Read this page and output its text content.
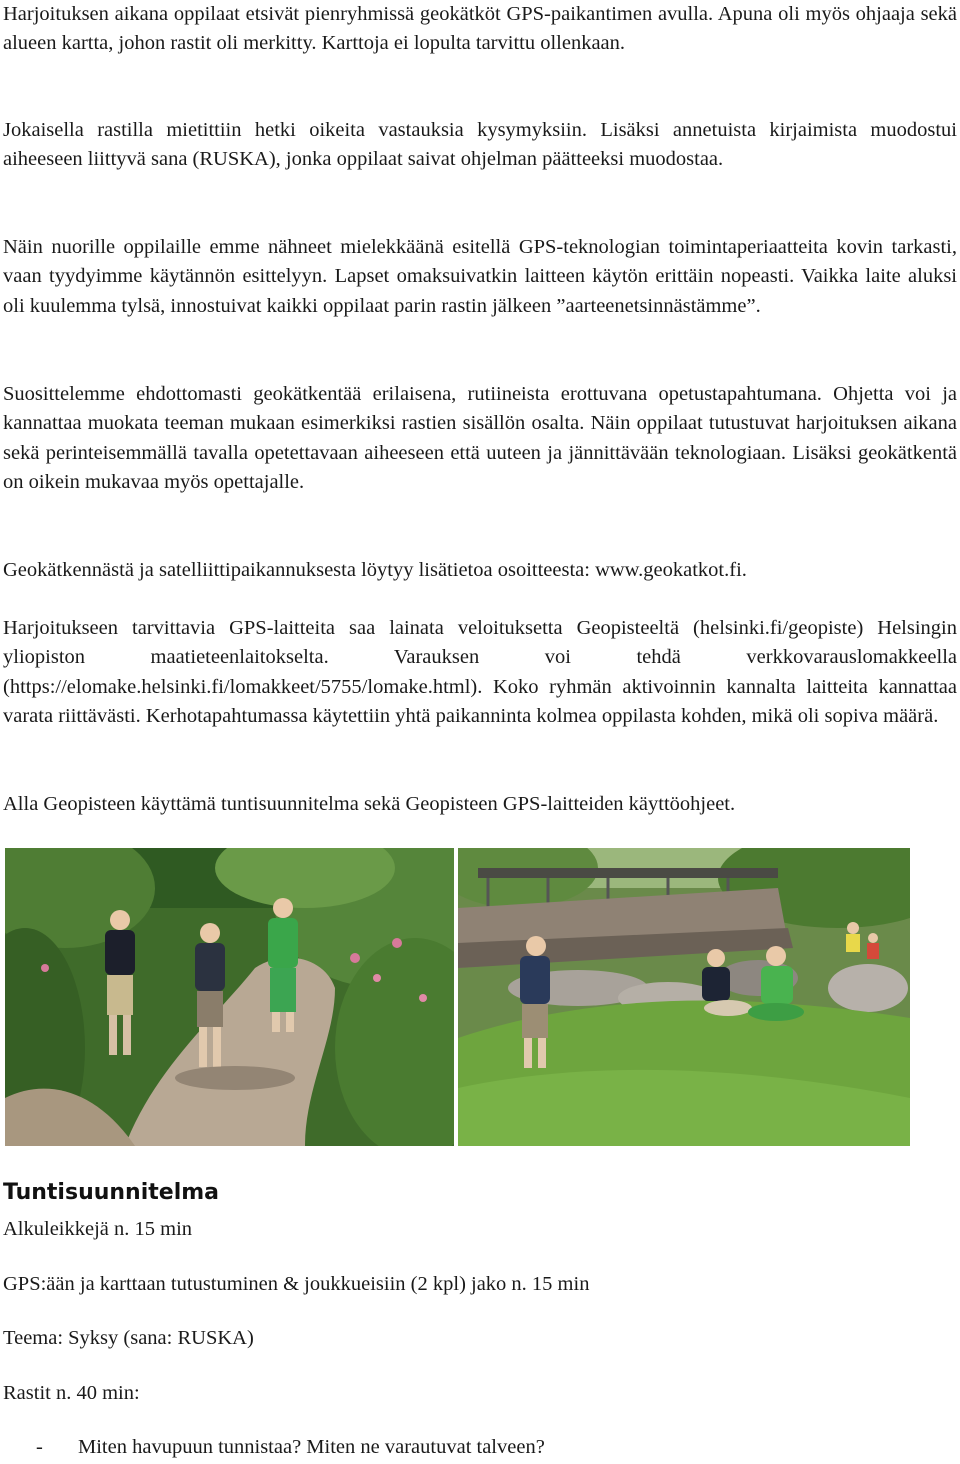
Harjoituksen aikana oppilaat etsivät pienryhmissä geokätköt GPS-paikantimen avulla. Apuna oli myös ohjaaja sekä alueen kartta, johon rastit oli merkitty. Karttoja ei lopulta tarvittu ollenkaan.

Jokaisella rastilla mietittiin hetki oikeita vastauksia kysymyksiin. Lisäksi annetuista kirjaimista muodostui aiheeseen liittyvä sana (RUSKA), jonka oppilaat saivat ohjelman päätteeksi muodostaa.

Näin nuorille oppilaille emme nähneet mielekkäänä esitellä GPS-teknologian toimintaperiaatteita kovin tarkasti, vaan tyydyimme käytännön esittelyyn. Lapset omaksuivatkin laitteen käytön erittäin nopeasti. Vaikka laite aluksi oli kuulemma tylsä, innostuivat kaikki oppilaat parin rastin jälkeen ”aarteenetsinnästämme”.

Suosittelemme ehdottomasti geokätkentää erilaisena, rutiineista erottuvana opetustapahtumana. Ohjetta voi ja kannattaa muokata teeman mukaan esimerkiksi rastien sisällön osalta. Näin oppilaat tutustuvat harjoituksen aikana sekä perinteisemmällä tavalla opetettavaan aiheeseen että uuteen ja jännittävään teknologiaan. Lisäksi geokätkentä on oikein mukavaa myös opettajalle.

Geokätkennästä ja satelliittipaikannuksesta löytyy lisätietoa osoitteesta: www.geokatkot.fi.

Harjoitukseen tarvittavia GPS-laitteita saa lainata veloituksetta Geopisteeltä (helsinki.fi/geopiste) Helsingin yliopiston maatieteenlaitokselta. Varauksen voi tehdä verkkovarauslomakkeella (https://elomake.helsinki.fi/lomakkeet/5755/lomake.html). Koko ryhmän aktivoinnin kannalta laitteita kannattaa varata riittävästi. Kerhotapahtumassa käytettiin yhtä paikanninta kolmea oppilasta kohden, mikä oli sopiva määrä.

Alla Geopisteen käyttämä tuntisuunnitelma sekä Geopisteen GPS-laitteiden käyttöohjeet.

Tuntisuunnitelma

Alkuleikkejä n. 15 min

GPS:ään ja karttaan tutustuminen & joukkueisiin (2 kpl) jako n. 15 min

Teema: Syksy (sana: RUSKA)

Rastit n. 40 min:

- Miten havupuun tunnistaa? Miten ne varautuvat talveen?
